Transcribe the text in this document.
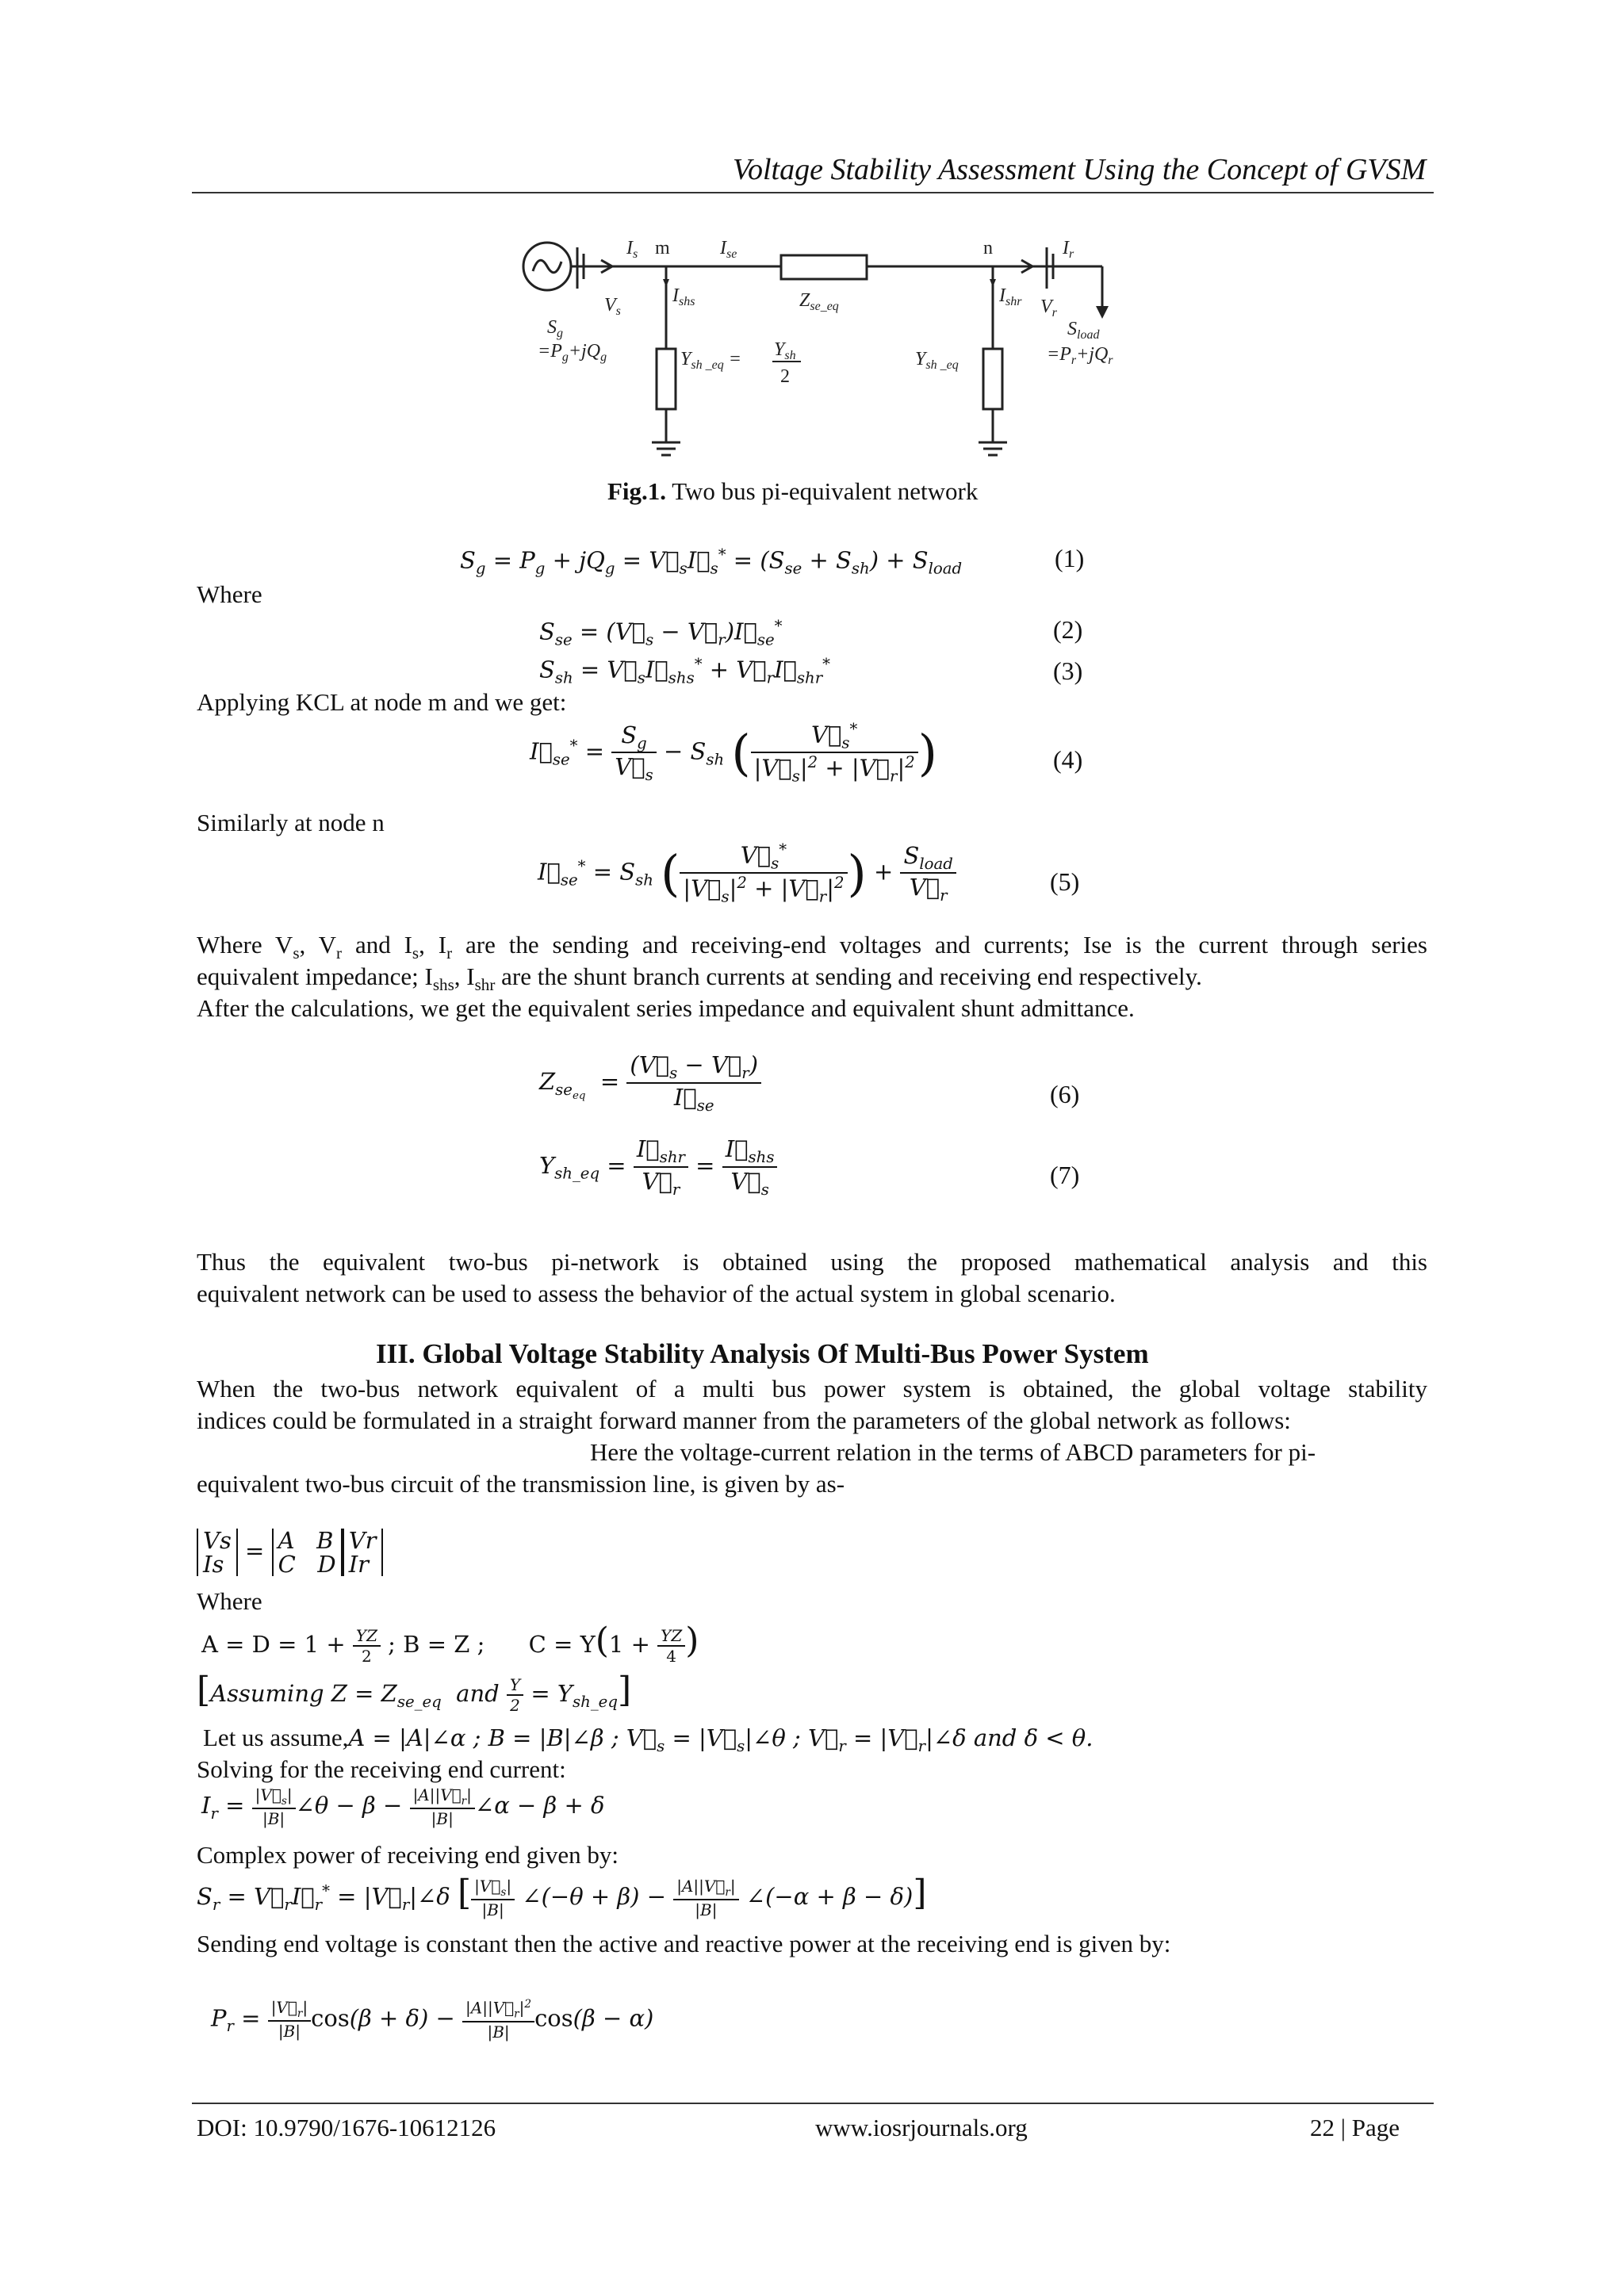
Voltage Stability Assessment Using the Concept of GVSM
$I_s$ m	$I_{se}$	n	$I_r$
$V_s$
$I_{shs}$	$Z_{se\_eq}$
$I_{shr}$ $V_r$
$S_g$
$=P_g+jQ_g$	$Y_{sh \_eq} = Y_{sh}$
2
$Y_{sh \_eq}$
$S_{load}$
$=P_r+jQ_r$
Fig.1. Two bus pi-equivalent network
$S_g = P_g + jQ_g$ = $V⃗_sI⃗_s^* = (S_{se} + S_{sh}) + S_{load}$	(1)
Where
$S_{se}$ = ($V⃗_s$ − $V⃗_r)I⃗_{se}^*$	(2)
$S_{sh}$ = $V⃗_sI⃗_{shs}^*$ + $V⃗_rI⃗_{shr}^*$	(3)
Applying KCL at node m and we get:
$I⃗_{se}^* = \frac{S_g}{V⃗_s} - S_{sh}$ ( $\frac{V⃗_s^*}{|V⃗_s|^2 + |V⃗_r|^2}$ )	(4)
Similarly at node n
$I⃗_{se}^* = S_{sh}$ ( $\frac{V⃗_s^*}{|V⃗_s|^2 + |V⃗_r|^2}$ ) + $\frac{S_{load}}{V⃗_r}$	(5)
Where $V_s$, $V_r$ and $I_s$, $I_r$ are the sending and receiving-end voltages and currents; Ise is the current through series
equivalent impedance; $I_{shs}$, $I_{shr}$ are the shunt branch currents at sending and receiving end respectively.
After the calculations, we get the equivalent series impedance and equivalent shunt admittance.
$Z_{se_{eq}} = \frac{(V⃗_s - V⃗_r)}{I⃗_{se}}$	(6)
$Y_{sh\_eq} = \frac{I⃗_{shr}}{V⃗_r} = \frac{I⃗_{shs}}{V⃗_s}$	(7)
Thus the equivalent two-bus pi-network is obtained using the proposed mathematical analysis and this
equivalent network can be used to assess the behavior of the actual system in global scenario.
III. Global Voltage Stability Analysis Of Multi-Bus Power System
When the two-bus network equivalent of a multi bus power system is obtained, the global voltage stability
indices could be formulated in a straight forward manner from the parameters of the global network as follows:
Here the voltage-current relation in the terms of ABCD parameters for pi-
equivalent two-bus circuit of the transmission line, is given by as-
Vs
Is = A   B
C   DVr
Ir
Where
$A = D = 1 + \frac{YZ}{2}$ ; B = Z ;      $C = Y(1 + \frac{YZ}{4}$ )
[Assuming $Z = Z_{se\_eq}$  and $\frac{Y}{2} = Y_{sh\_eq}$]
Let us assume,A = |A|∠α ; B = |B|∠β ; $V⃗_s$ = $|V⃗_s|\angle\theta$ ; $V⃗_r$ = $|V⃗_r|\angle\delta$ and δ < θ.
Solving for the receiving end current:
$I_r = \frac{|V⃗_s|}{|B|}$ ∠θ − $\beta - \frac{|A||V⃗_r|}{|B|}$ ∠α − β + δ
Complex power of receiving end given by:
$S_r$ = $V⃗_rI⃗_r^*$ = $|V⃗_r|\angle\delta$ [ $\frac{|V⃗_s|}{|B|}$ ∠(−θ + $\beta) - \frac{|A||V⃗_r|}{|B|}$ ∠(−α + β − δ)]
Sending end voltage is constant then the active and reactive power at the receiving end is given by:
$P_r = \frac{|V⃗_r|}{|B|} \cos(\beta + \delta) - \frac{|A||V⃗_r|^2}{|B|} \cos(\beta - \alpha)$
DOI: 10.9790/1676-10612126	www.iosrjournals.org	22 | Page
